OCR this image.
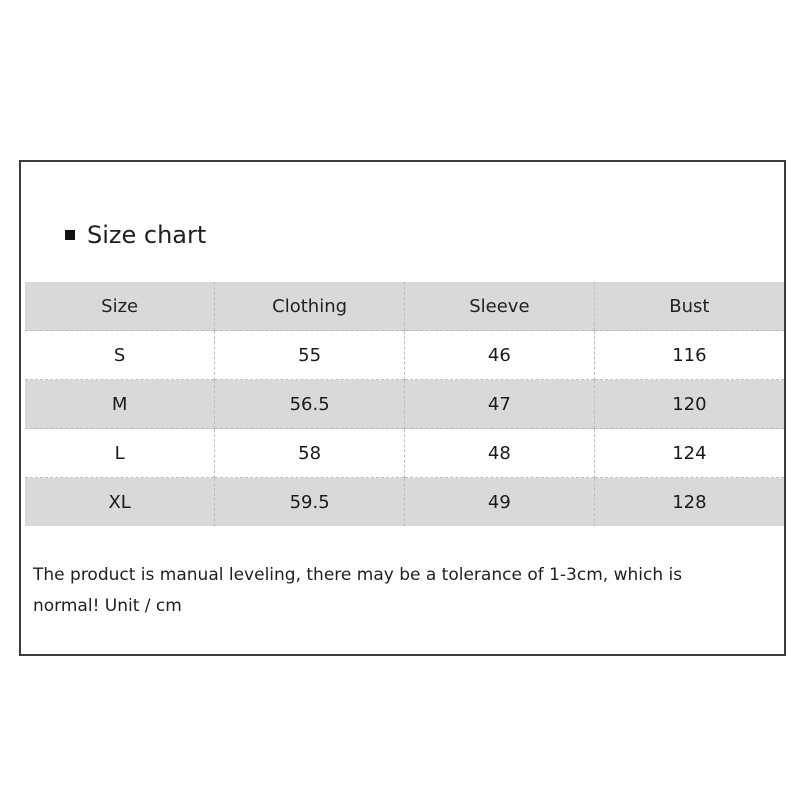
Size chart
Size	Clothing	Sleeve	Bust
S	55	46	116
M	56.5	47	120
L	58	48	124
XL	59.5	49	128
The product is manual leveling, there may be a tolerance of 1-3cm, which is normal! Unit / cm
